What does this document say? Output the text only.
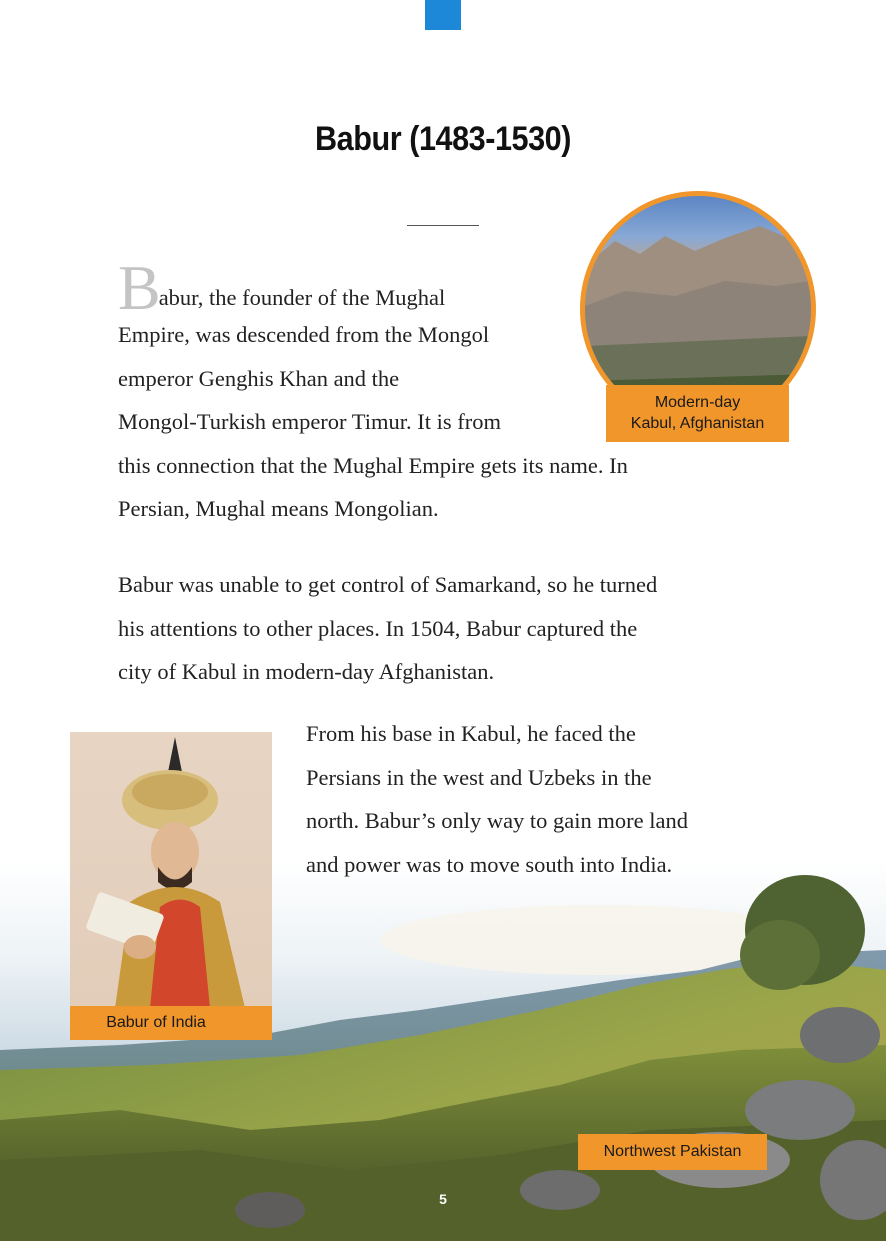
Babur (1483-1530)
Modern-day
Kabul, Afghanistan
Babur, the founder of the Mughal
Empire, was descended from the Mongol
emperor Genghis Khan and the
Mongol-Turkish emperor Timur. It is from
this connection that the Mughal Empire gets its name. In
Persian, Mughal means Mongolian.
Babur was unable to get control of Samarkand, so he turned
his attentions to other places. In 1504, Babur captured the
city of Kabul in modern-day Afghanistan.
Babur of India
From his base in Kabul, he faced the
Persians in the west and Uzbeks in the
north. Babur’s only way to gain more land
and power was to move south into India.
Northwest Pakistan
5
